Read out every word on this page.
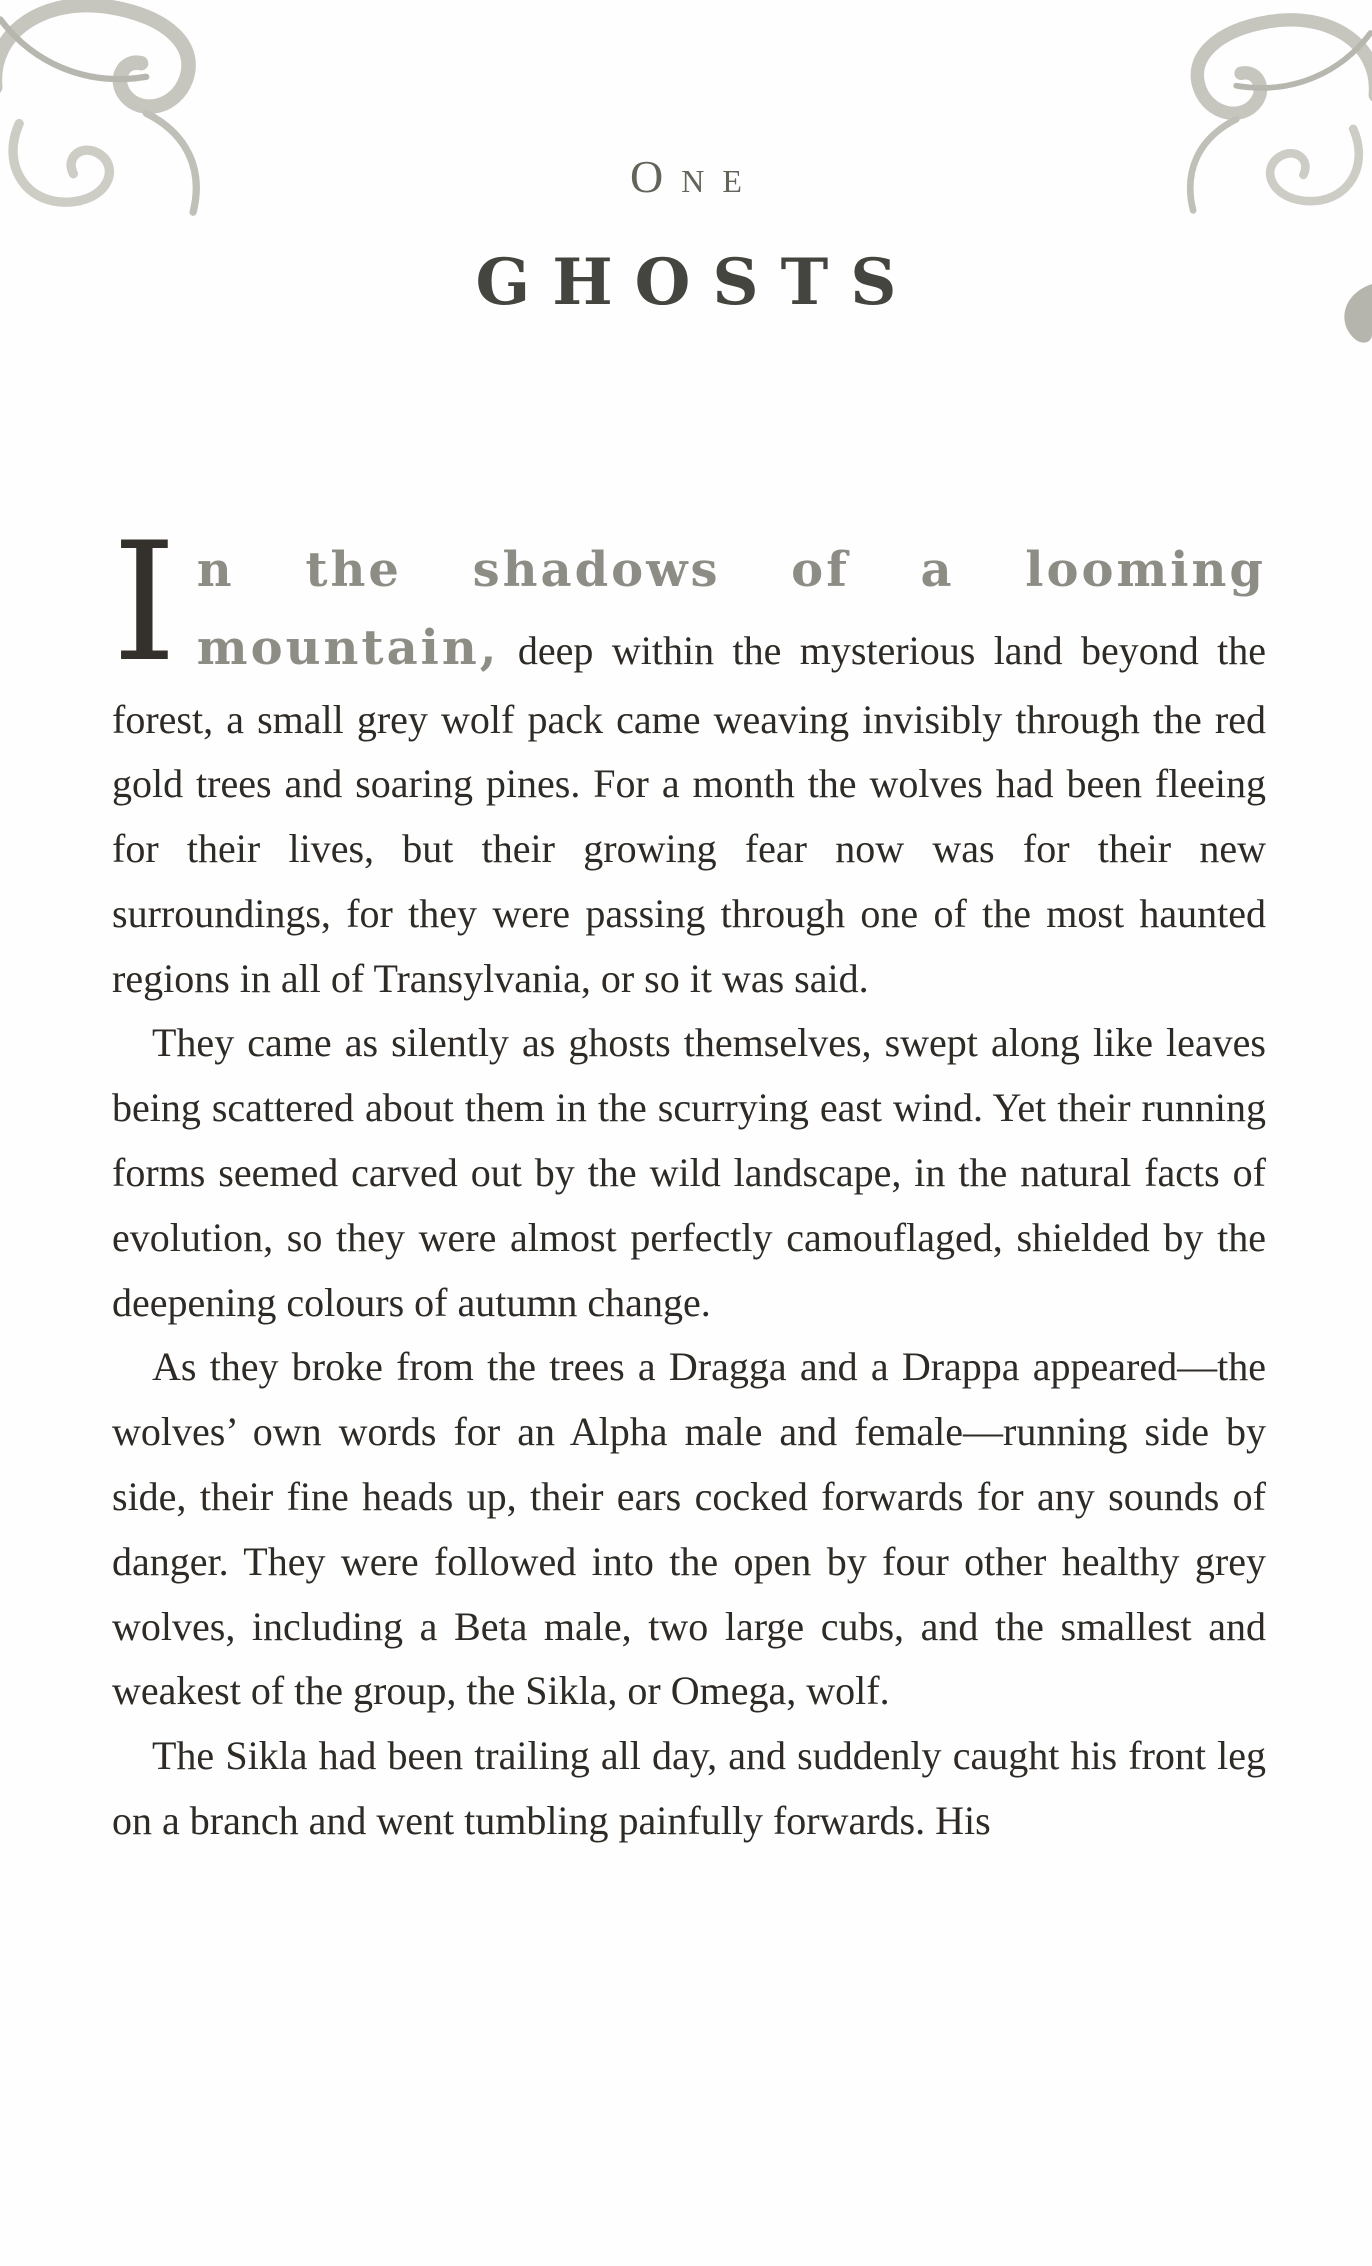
One
GHOSTS

In the shadows of a looming mountain, deep within the mysterious land beyond the forest, a small grey wolf pack came weaving invisibly through the red gold trees and soaring pines. For a month the wolves had been fleeing for their lives, but their growing fear now was for their new surroundings, for they were passing through one of the most haunted regions in all of Transylvania, or so it was said.

They came as silently as ghosts themselves, swept along like leaves being scattered about them in the scurrying east wind. Yet their running forms seemed carved out by the wild landscape, in the natural facts of evolution, so they were almost perfectly camouflaged, shielded by the deepening colours of autumn change.

As they broke from the trees a Dragga and a Drappa appeared—the wolves’ own words for an Alpha male and female—running side by side, their fine heads up, their ears cocked forwards for any sounds of danger. They were followed into the open by four other healthy grey wolves, including a Beta male, two large cubs, and the smallest and weakest of the group, the Sikla, or Omega, wolf.

The Sikla had been trailing all day, and suddenly caught his front leg on a branch and went tumbling painfully forwards. His
